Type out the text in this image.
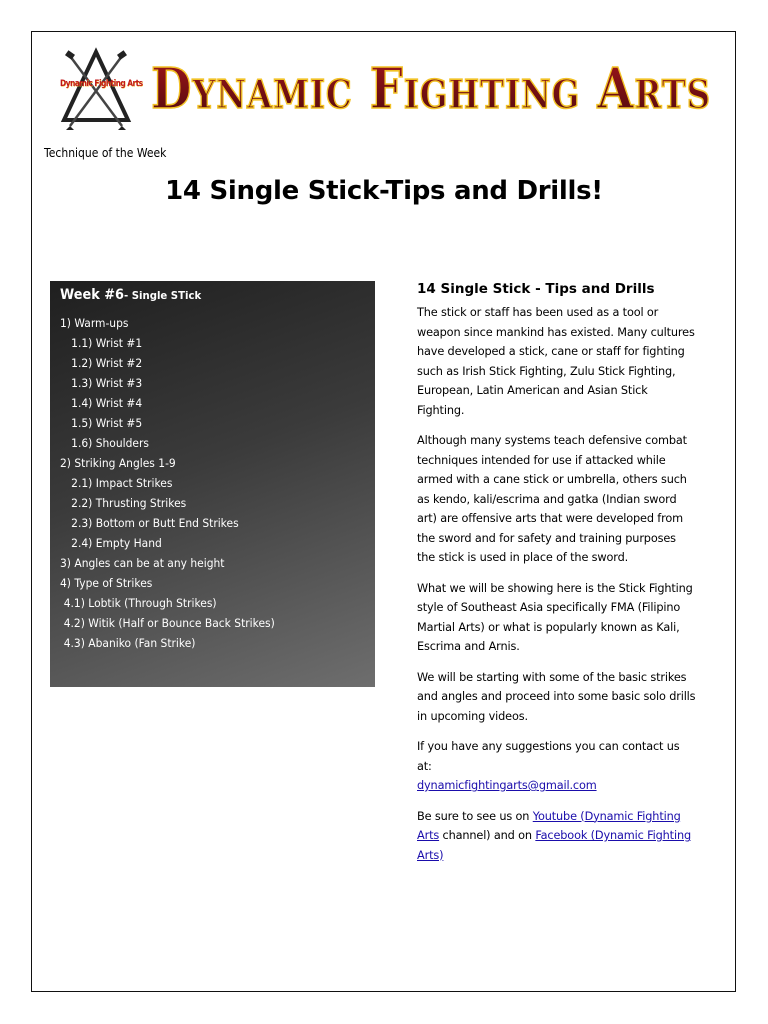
Dynamic Fighting Arts Dynamic Fighting Arts
Technique of the Week
14 Single Stick-Tips and Drills!
Week #6- Single STick
1) Warm-ups
1.1) Wrist #1
1.2) Wrist #2
1.3) Wrist #3
1.4) Wrist #4
1.5) Wrist #5
1.6) Shoulders
2) Striking Angles 1-9
2.1) Impact Strikes
2.2) Thrusting Strikes
2.3) Bottom or Butt End Strikes
2.4) Empty Hand
3) Angles can be at any height
4) Type of Strikes
4.1) Lobtik (Through Strikes)
4.2) Witik (Half or Bounce Back Strikes)
4.3) Abaniko (Fan Strike)
14 Single Stick - Tips and Drills

The stick or staff has been used as a tool or weapon since mankind has existed. Many cultures have developed a stick, cane or staff for fighting such as Irish Stick Fighting, Zulu Stick Fighting, European, Latin American and Asian Stick Fighting.

Although many systems teach defensive combat techniques intended for use if attacked while armed with a cane stick or umbrella, others such as kendo, kali/escrima and gatka (Indian sword art) are offensive arts that were developed from the sword and for safety and training purposes the stick is used in place of the sword.

What we will be showing here is the Stick Fighting style of Southeast Asia specifically FMA (Filipino Martial Arts) or what is popularly known as Kali, Escrima and Arnis.

We will be starting with some of the basic strikes and angles and proceed into some basic solo drills in upcoming videos.

If you have any suggestions you can contact us at:
dynamicfightingarts@gmail.com

Be sure to see us on Youtube (Dynamic Fighting Arts channel) and on Facebook (Dynamic Fighting Arts)
